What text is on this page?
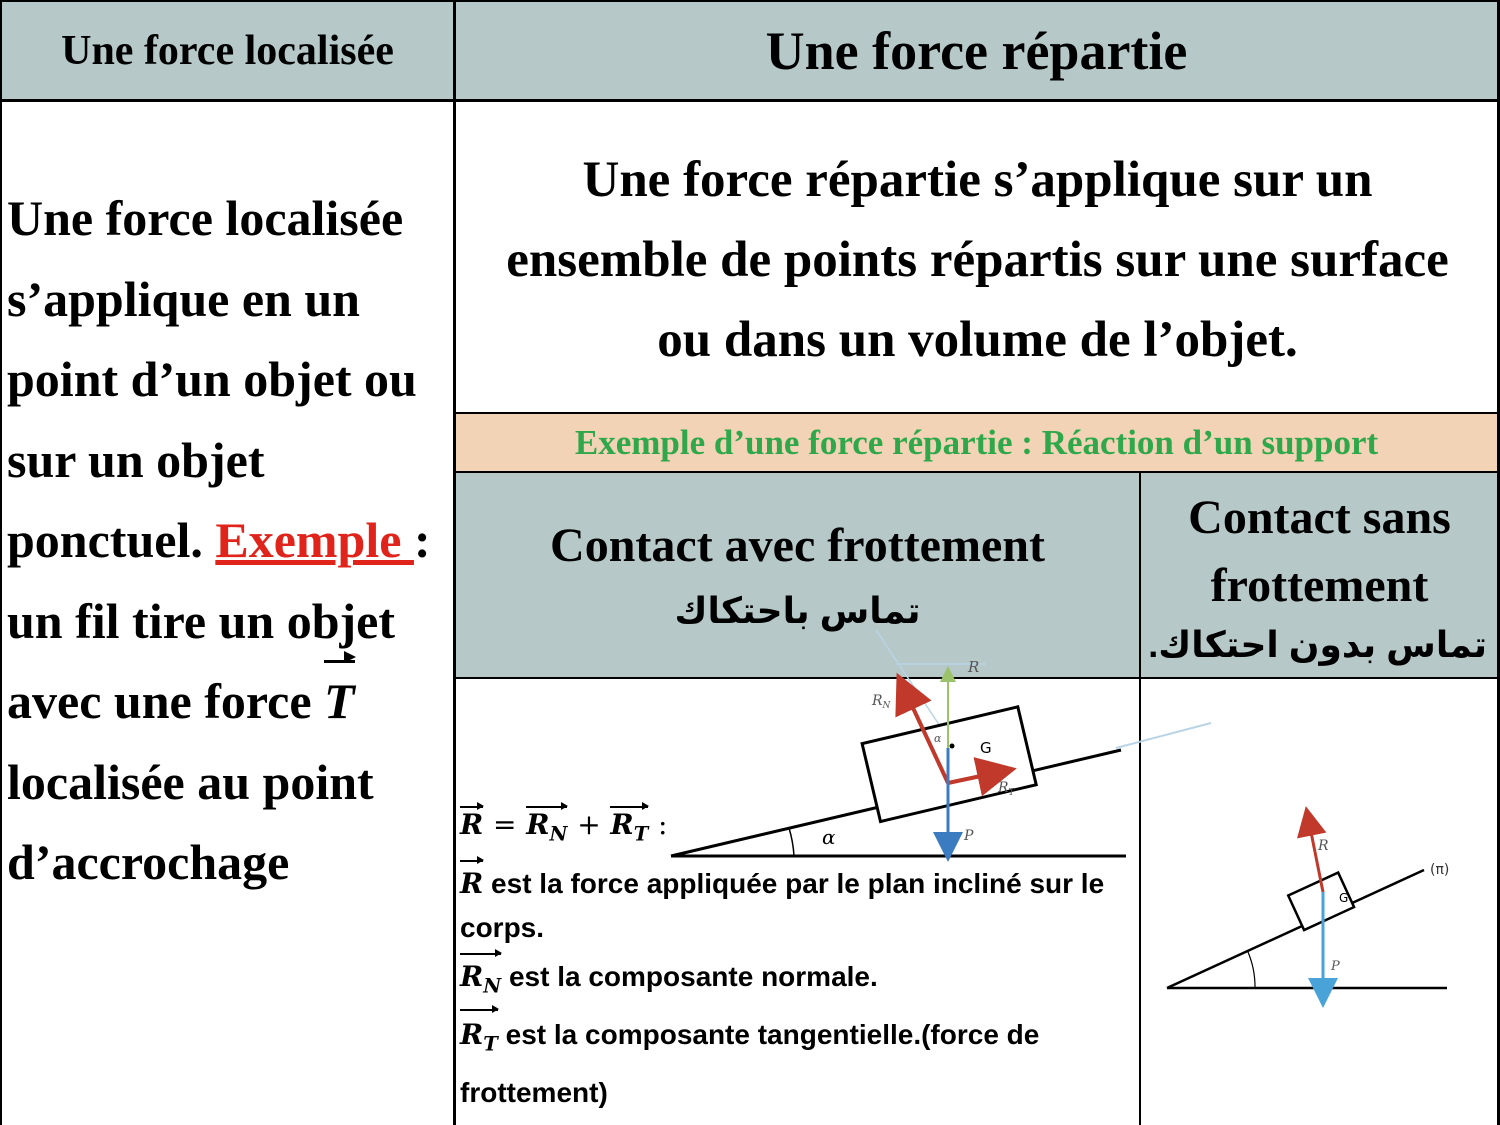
Une force localisée	Une force répartie
Une force localisée s’applique en un point d’un objet ou sur un objet ponctuel. Exemple : un fil tire un objet avec une force T localisée au point d’accrochage
Une force répartie s’applique sur un ensemble de points répartis sur une surface ou dans un volume de l’objet.
Exemple d’une force répartie : Réaction d’un support
Contact avec frottement
تماس باحتكاك
Contact sans frottement
تماس بدون احتكاك.
α
G
R
$R_N$
$R_T$
P
α
$R = R_N + R_T$ :
R est la force appliquée par le plan incliné sur le corps.
$R_N$ est la composante normale.
$R_T$ est la composante tangentielle.(force de frottement)
R
G
P
(π)
